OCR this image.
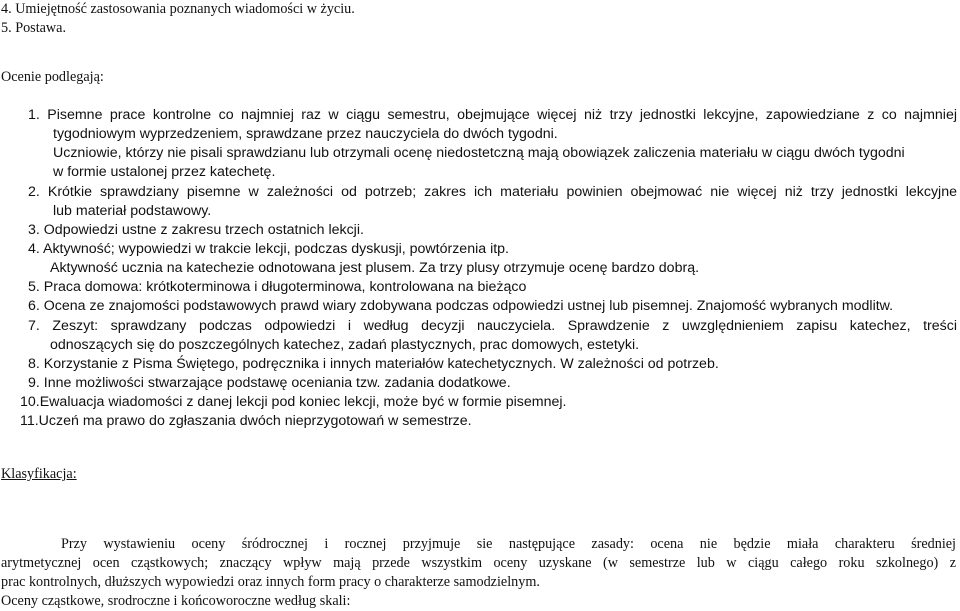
4. Umiejętność zastosowania poznanych wiadomości w życiu.
5. Postawa.
Ocenie podlegają:
1. Pisemne prace kontrolne co najmniej raz w ciągu semestru, obejmujące więcej niż trzy jednostki lekcyjne, zapowiedziane z co najmniej
tygodniowym wyprzedzeniem, sprawdzane przez nauczyciela do dwóch tygodni.
Uczniowie, którzy nie pisali sprawdzianu lub otrzymali ocenę niedostetczną mają obowiązek zaliczenia materiału w ciągu dwóch tygodni
w formie ustalonej przez katechetę.
2. Krótkie sprawdziany pisemne w zależności od potrzeb; zakres ich materiału powinien obejmować nie więcej niż trzy jednostki lekcyjne
lub materiał podstawowy.
3. Odpowiedzi ustne z zakresu trzech ostatnich lekcji.
4. Aktywność; wypowiedzi w trakcie lekcji, podczas dyskusji, powtórzenia itp.
Aktywność ucznia na katechezie odnotowana jest plusem. Za trzy plusy otrzymuje ocenę bardzo dobrą.
5. Praca domowa: krótkoterminowa i długoterminowa, kontrolowana na bieżąco
6. Ocena ze znajomości podstawowych prawd wiary zdobywana podczas odpowiedzi ustnej lub pisemnej. Znajomość wybranych modlitw.
7. Zeszyt: sprawdzany podczas odpowiedzi i według decyzji nauczyciela. Sprawdzenie z uwzględnieniem zapisu katechez, treści
odnoszących się do poszczególnych katechez, zadań plastycznych, prac domowych, estetyki.
8. Korzystanie z Pisma Świętego, podręcznika i innych materiałów katechetycznych. W zależności od potrzeb.
9. Inne możliwości stwarzające podstawę oceniania tzw. zadania dodatkowe.
10.Ewaluacja wiadomości z danej lekcji pod koniec lekcji, może być w formie pisemnej.
11.Uczeń ma prawo do zgłaszania dwóch nieprzygotowań w semestrze.
Klasyfikacja:
Przy wystawieniu oceny śródrocznej i rocznej przyjmuje sie następujące zasady: ocena nie będzie miała charakteru średniej
arytmetycznej ocen cząstkowych; znaczący wpływ mają przede wszystkim oceny uzyskane (w semestrze lub w ciągu całego roku szkolnego) z
prac kontrolnych, dłuższych wypowiedzi oraz innych form pracy o charakterze samodzielnym.
Oceny cząstkowe, srodroczne i końcoworoczne według skali:
